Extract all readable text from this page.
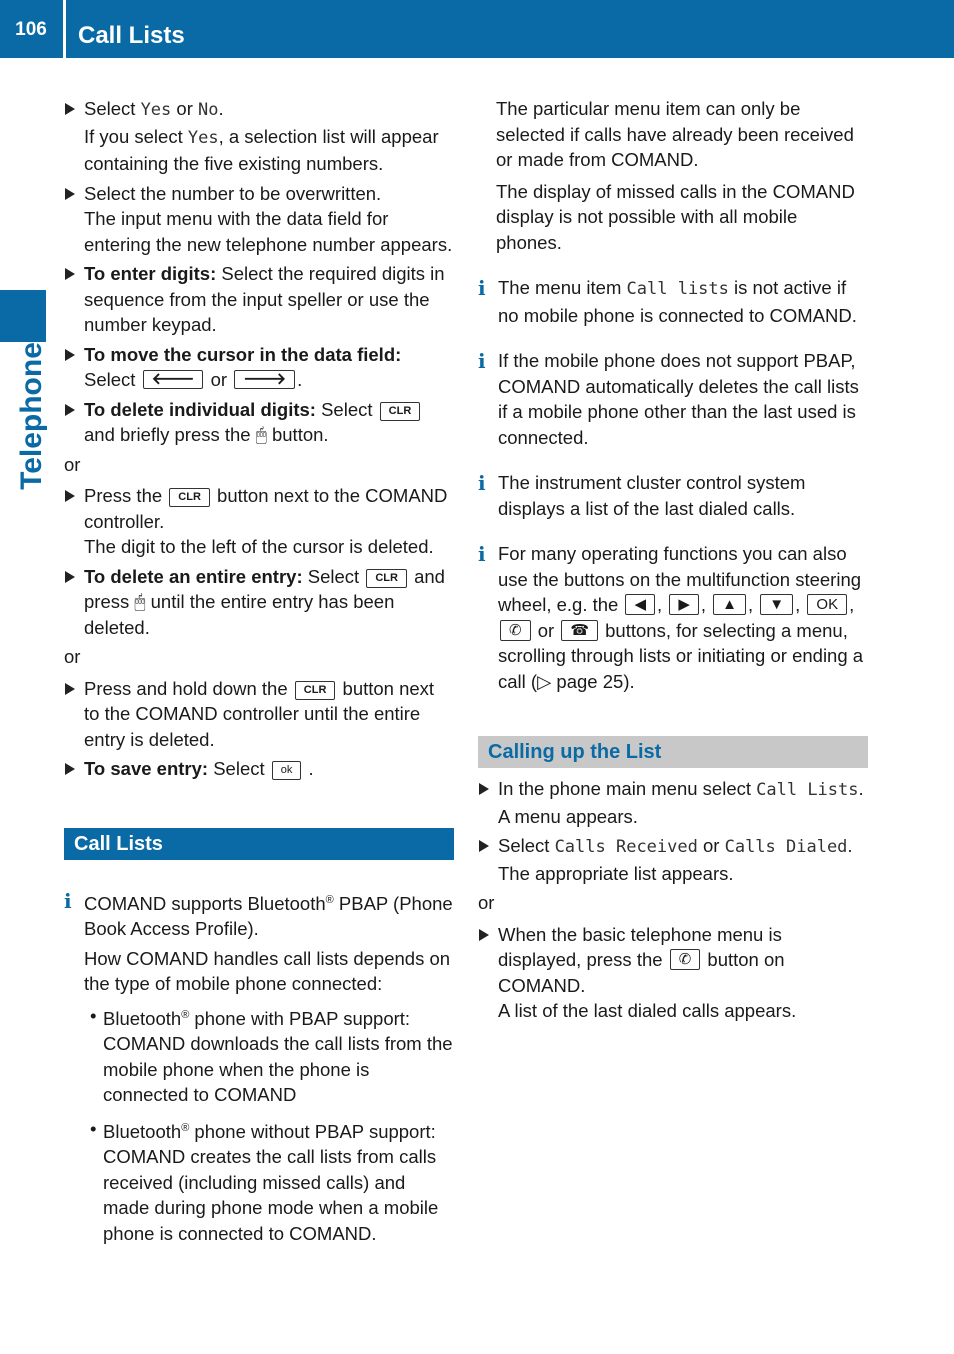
106	Call Lists
Telephone
Select Yes or No.
If you select Yes, a selection list will appear containing the five existing numbers.
Select the number to be overwritten.
The input menu with the data field for entering the new telephone number appears.
To enter digits: Select the required digits in sequence from the input speller or use the number keypad.
To move the cursor in the data field:
Select 🡐 or 🡒 .
To delete individual digits: Select CLR and briefly press the 🖱 button.
or
Press the CLR button next to the COMAND controller.
The digit to the left of the cursor is deleted.
To delete an entire entry: Select CLR and press 🖱 until the entire entry has been deleted.
or
Press and hold down the CLR button next to the COMAND controller until the entire entry is deleted.
To save entry: Select ok .
Call Lists
i COMAND supports Bluetooth® PBAP (Phone Book Access Profile).

How COMAND handles call lists depends on the type of mobile phone connected:

• Bluetooth® phone with PBAP support: COMAND downloads the call lists from the mobile phone when the phone is connected to COMAND
• Bluetooth® phone without PBAP support: COMAND creates the call lists from calls received (including missed calls) and made during phone mode when a mobile phone is connected to COMAND.

The particular menu item can only be selected if calls have already been received or made from COMAND.

The display of missed calls in the COMAND display is not possible with all mobile phones.

i The menu item Call lists is not active if no mobile phone is connected to COMAND.
i If the mobile phone does not support PBAP, COMAND automatically deletes the call lists if a mobile phone other than the last used is connected.
i The instrument cluster control system displays a list of the last dialed calls.
i For many operating functions you can also use the buttons on the multifunction steering wheel, e.g. the ◀ , ▶ , ▲ , ▼ , OK , ✆ or ☎ buttons, for selecting a menu, scrolling through lists or initiating or ending a call (▷ page 25).
Calling up the List
In the phone main menu select Call Lists.
A menu appears.
Select Calls Received or Calls Dialed.
The appropriate list appears.
or
When the basic telephone menu is displayed, press the ✆ button on COMAND.
A list of the last dialed calls appears.
